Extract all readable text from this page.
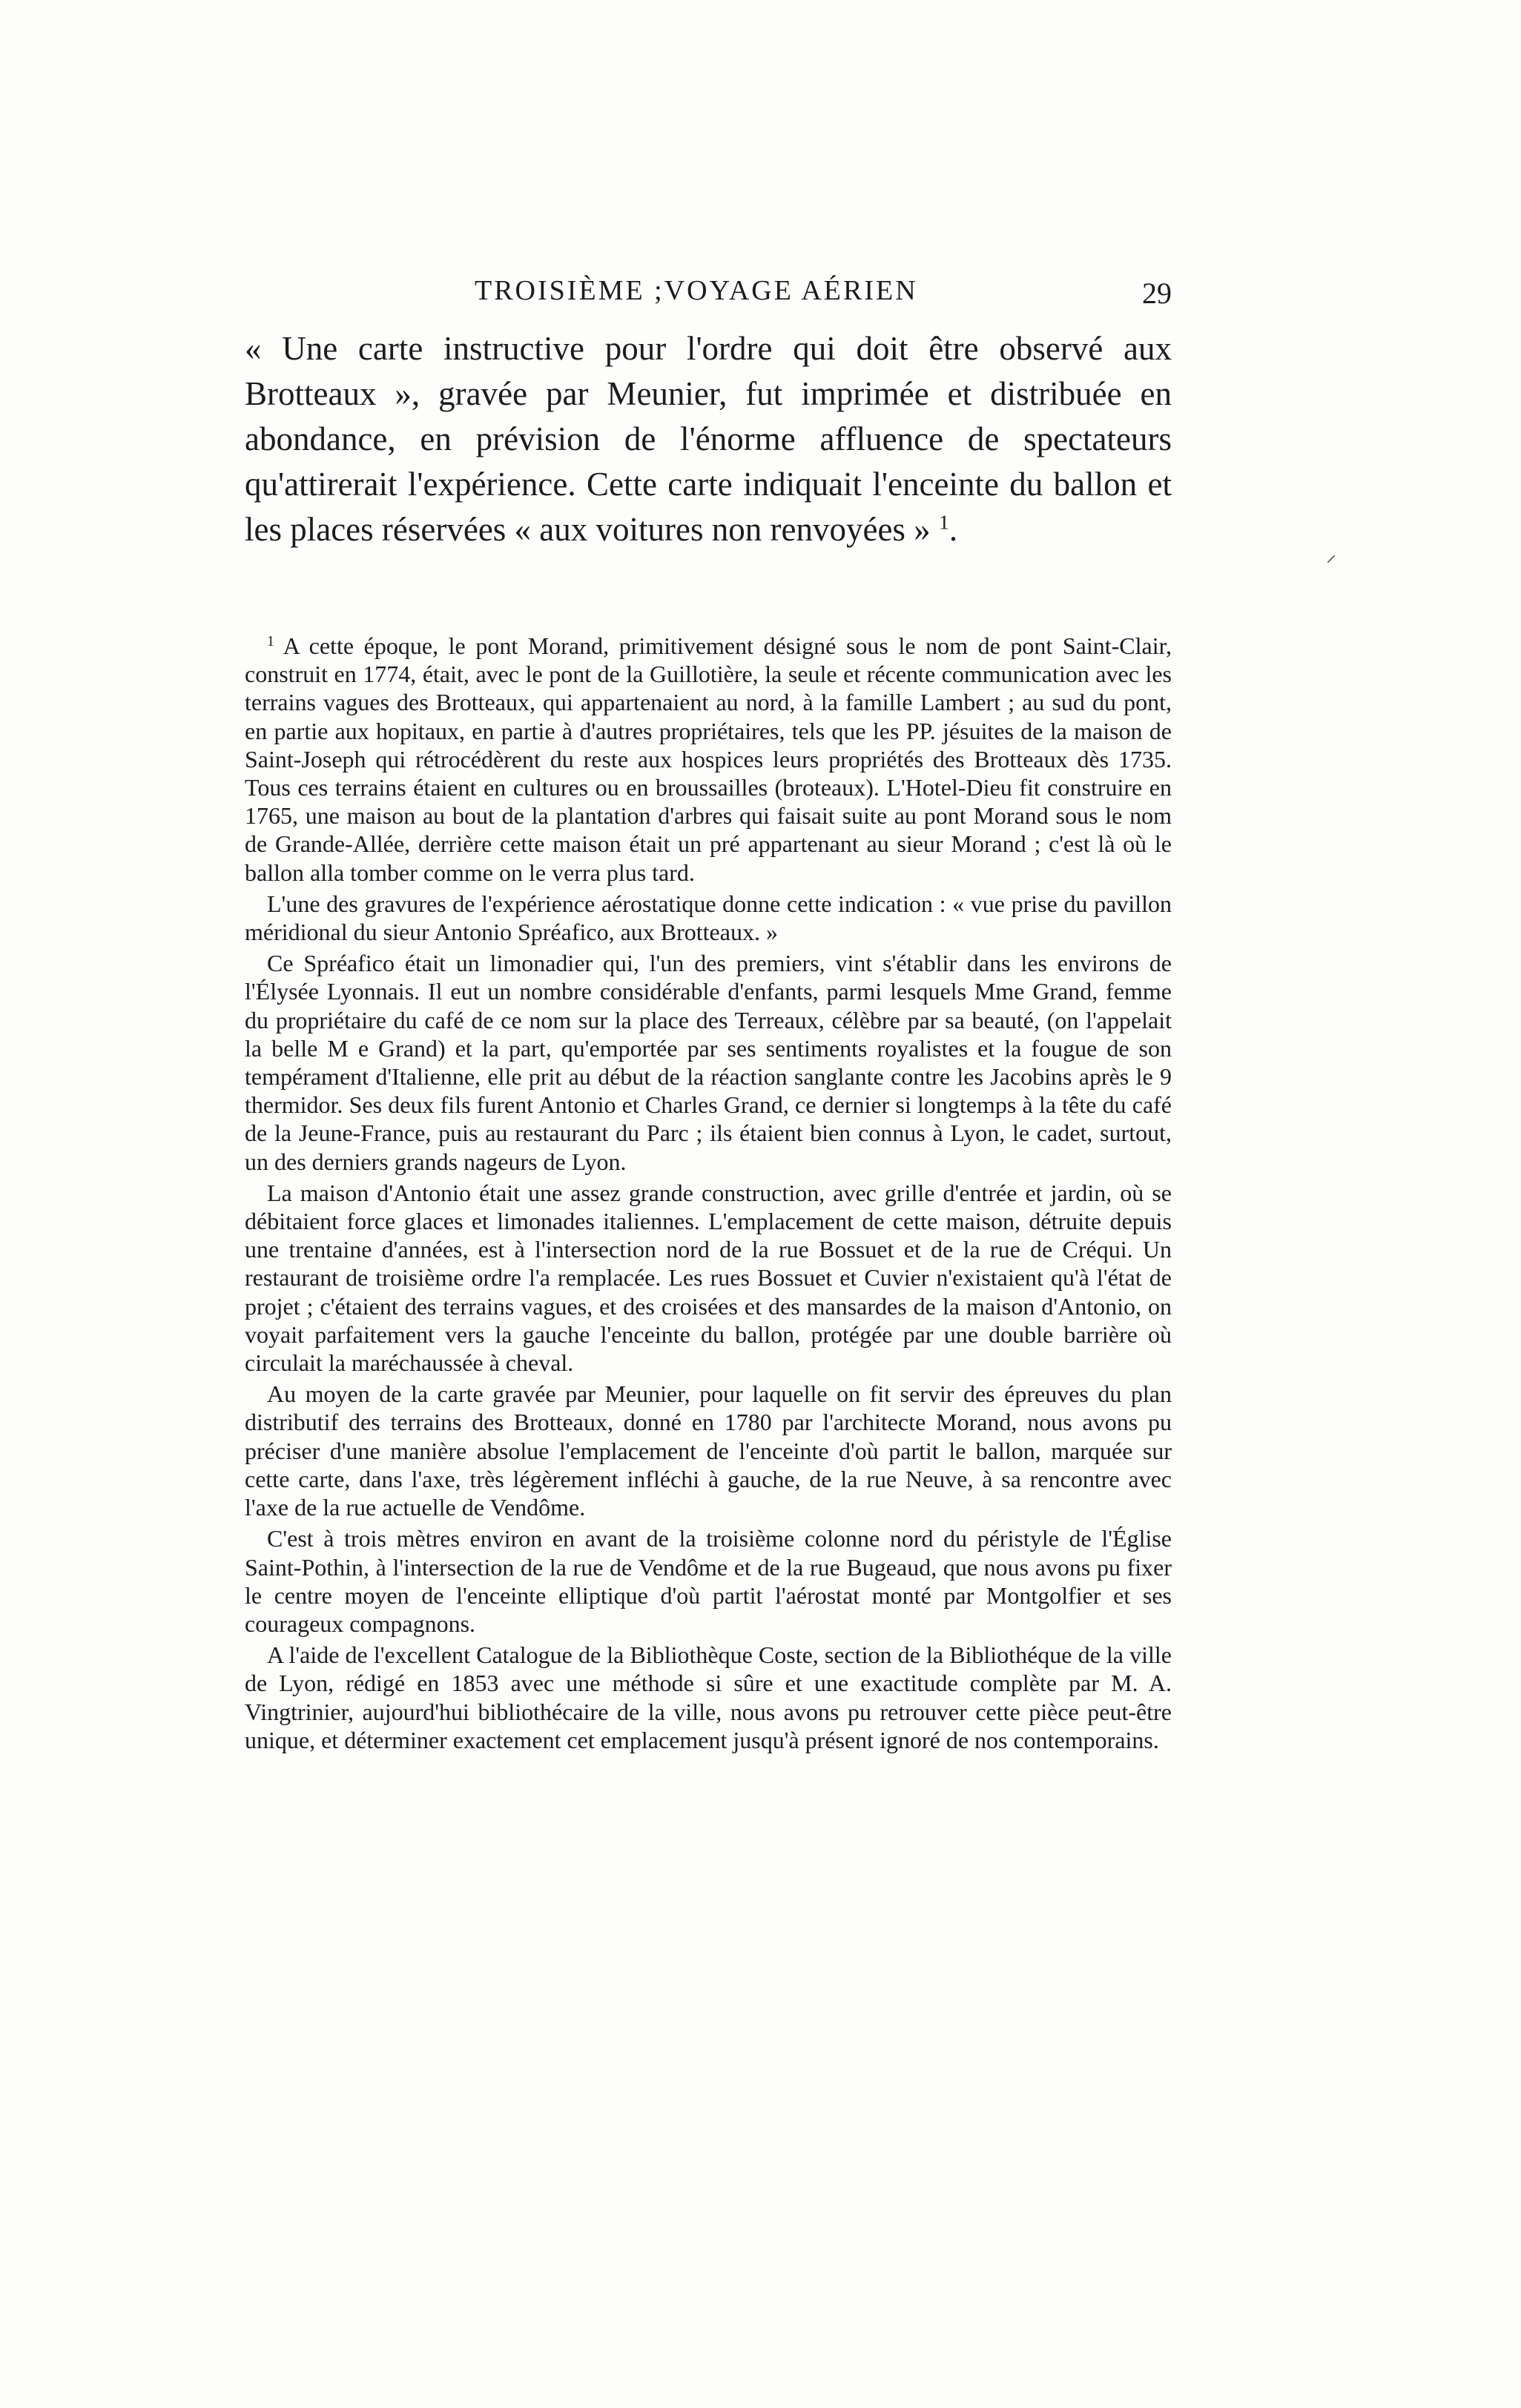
TROISIÈME ;VOYAGE AÉRIEN	29

« Une carte instructive pour l'ordre qui doit être observé aux Brotteaux », gravée par Meunier, fut imprimée et distribuée en abondance, en prévision de l'énorme affluence de spectateurs qu'attirerait l'expérience. Cette carte indiquait l'enceinte du ballon et les places réservées « aux voitures non renvoyées » $^1$.

⸝

$^1$ A cette époque, le pont Morand, primitivement désigné sous le nom de pont Saint-Clair, construit en 1774, était, avec le pont de la Guillotière, la seule et récente communication avec les terrains vagues des Brotteaux, qui appartenaient au nord, à la famille Lambert ; au sud du pont, en partie aux hopitaux, en partie à d'autres propriétaires, tels que les PP. jésuites de la maison de Saint-Joseph qui rétrocédèrent du reste aux hospices leurs propriétés des Brotteaux dès 1735. Tous ces terrains étaient en cultures ou en broussailles (broteaux). L'Hotel-Dieu fit construire en 1765, une maison au bout de la plantation d'arbres qui faisait suite au pont Morand sous le nom de Grande-Allée, derrière cette maison était un pré appartenant au sieur Morand ; c'est là où le ballon alla tomber comme on le verra plus tard.

L'une des gravures de l'expérience aérostatique donne cette indication : « vue prise du pavillon méridional du sieur Antonio Spréafico, aux Brotteaux. »

Ce Spréafico était un limonadier qui, l'un des premiers, vint s'établir dans les environs de l'Élysée Lyonnais. Il eut un nombre considérable d'enfants, parmi lesquels Mme Grand, femme du propriétaire du café de ce nom sur la place des Terreaux, célèbre par sa beauté, (on l'appelait la belle M e Grand) et la part, qu'emportée par ses sentiments royalistes et la fougue de son tempérament d'Italienne, elle prit au début de la réaction sanglante contre les Jacobins après le 9 thermidor. Ses deux fils furent Antonio et Charles Grand, ce dernier si longtemps à la tête du café de la Jeune-France, puis au restaurant du Parc ; ils étaient bien connus à Lyon, le cadet, surtout, un des derniers grands nageurs de Lyon.

La maison d'Antonio était une assez grande construction, avec grille d'entrée et jardin, où se débitaient force glaces et limonades italiennes. L'emplacement de cette maison, détruite depuis une trentaine d'années, est à l'intersection nord de la rue Bossuet et de la rue de Créqui. Un restaurant de troisième ordre l'a remplacée. Les rues Bossuet et Cuvier n'existaient qu'à l'état de projet ; c'étaient des terrains vagues, et des croisées et des mansardes de la maison d'Antonio, on voyait parfaitement vers la gauche l'enceinte du ballon, protégée par une double barrière où circulait la maréchaussée à cheval.

Au moyen de la carte gravée par Meunier, pour laquelle on fit servir des épreuves du plan distributif des terrains des Brotteaux, donné en 1780 par l'architecte Morand, nous avons pu préciser d'une manière absolue l'emplacement de l'enceinte d'où partit le ballon, marquée sur cette carte, dans l'axe, très légèrement infléchi à gauche, de la rue Neuve, à sa rencontre avec l'axe de la rue actuelle de Vendôme.

C'est à trois mètres environ en avant de la troisième colonne nord du péristyle de l'Église Saint-Pothin, à l'intersection de la rue de Vendôme et de la rue Bugeaud, que nous avons pu fixer le centre moyen de l'enceinte elliptique d'où partit l'aérostat monté par Montgolfier et ses courageux compagnons.

A l'aide de l'excellent Catalogue de la Bibliothèque Coste, section de la Bibliothéque de la ville de Lyon, rédigé en 1853 avec une méthode si sûre et une exactitude complète par M. A. Vingtrinier, aujourd'hui bibliothécaire de la ville, nous avons pu retrouver cette pièce peut-être unique, et déterminer exactement cet emplacement jusqu'à présent ignoré de nos contemporains.
